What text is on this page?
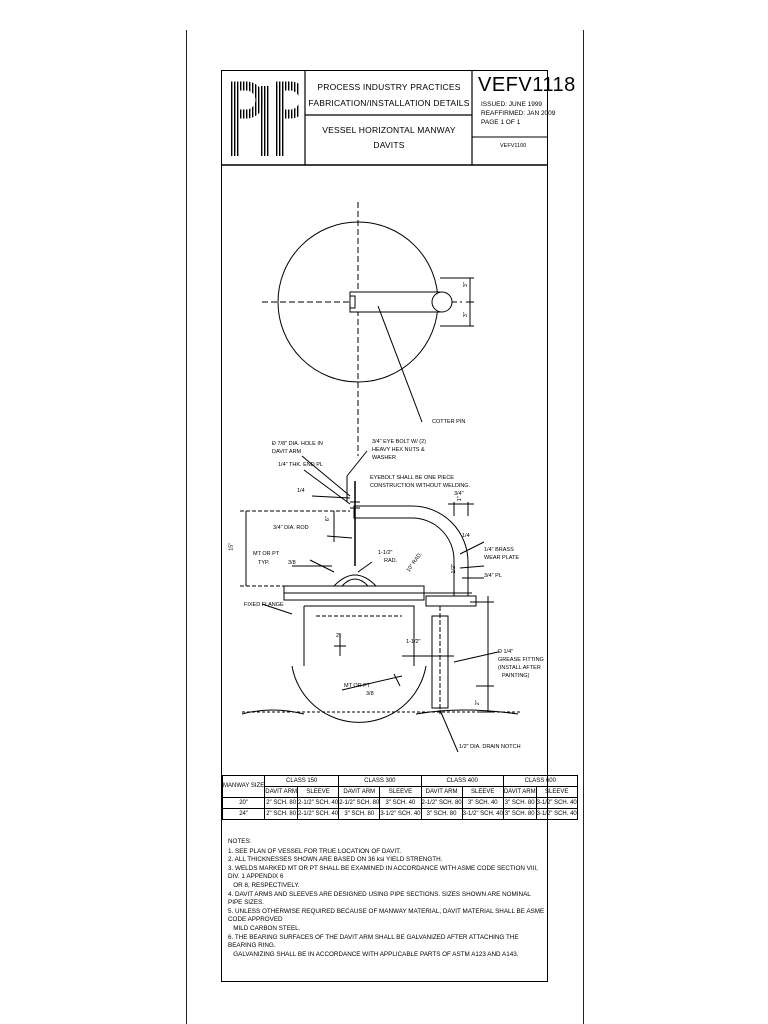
PIP
PROCESS INDUSTRY PRACTICES
FABRICATION/INSTALLATION DETAILS
VESSEL HORIZONTAL MANWAY
DAVITS
VEFV1118
ISSUED: JUNE 1999
REAFFIRMED: JAN 2009
PAGE 1 OF 1
VEFV1100
COTTER PIN
Đ 7/8" DIA. HOLE IN
DAVIT ARM
1/4" THK. END PL
3/4" EYE BOLT W/ (2)
HEAVY HEX NUTS &
WASHER
EYEBOLT SHALL BE ONE PIECE
CONSTRUCTION WITHOUT WELDING.
1/4	3/4"
3/4" DIA. ROD
1/4
MT OR PT
TYP.	3/8
1-1/2"
RAD.
15"
6"
10" RAD.
1/4" BRASS
WEAR PLATE
3/4" PL
1/2"
1"
FIXED FLANGE
2"
1-1/2"
Đ 1/4"
GREASE FITTING
(INSTALL AFTER
PAINTING)
MT OR PT
3/8
2"
1/2" DIA. DRAIN NOTCH
3"
3"
MANWAY SIZE	CLASS 150		CLASS 300		CLASS 400		CLASS 600	
	DAVIT ARM	SLEEVE	DAVIT ARM	SLEEVE	DAVIT ARM	SLEEVE	DAVIT ARM	SLEEVE
20"	2" SCH. 80	2-1/2" SCH. 40	2-1/2" SCH. 80	3" SCH. 40	2-1/2" SCH. 80	3" SCH. 40	3" SCH. 80	3-1/2" SCH. 40
24"	2" SCH. 80	2-1/2" SCH. 40	3" SCH. 80	3-1/2" SCH. 40	3" SCH. 80	3-1/2" SCH. 40	3" SCH. 80	3-1/2" SCH. 40
NOTES:
1. SEE PLAN OF VESSEL FOR TRUE LOCATION OF DAVIT.
2. ALL THICKNESSES SHOWN ARE BASED ON 36 ksi YIELD STRENGTH.
3. WELDS MARKED MT OR PT SHALL BE EXAMINED IN ACCORDANCE WITH ASME CODE SECTION VIII, DIV. 1 APPENDIX 6
OR 8, RESPECTIVELY.
4. DAVIT ARMS AND SLEEVES ARE DESIGNED USING PIPE SECTIONS. SIZES SHOWN ARE NOMINAL PIPE SIZES.
5. UNLESS OTHERWISE REQUIRED BECAUSE OF MANWAY MATERIAL, DAVIT MATERIAL SHALL BE ASME CODE APPROVED
MILD CARBON STEEL.
6. THE BEARING SURFACES OF THE DAVIT ARM SHALL BE GALVANIZED AFTER ATTACHING THE BEARING RING.
GALVANIZING SHALL BE IN ACCORDANCE WITH APPLICABLE PARTS OF ASTM A123 AND A143.
